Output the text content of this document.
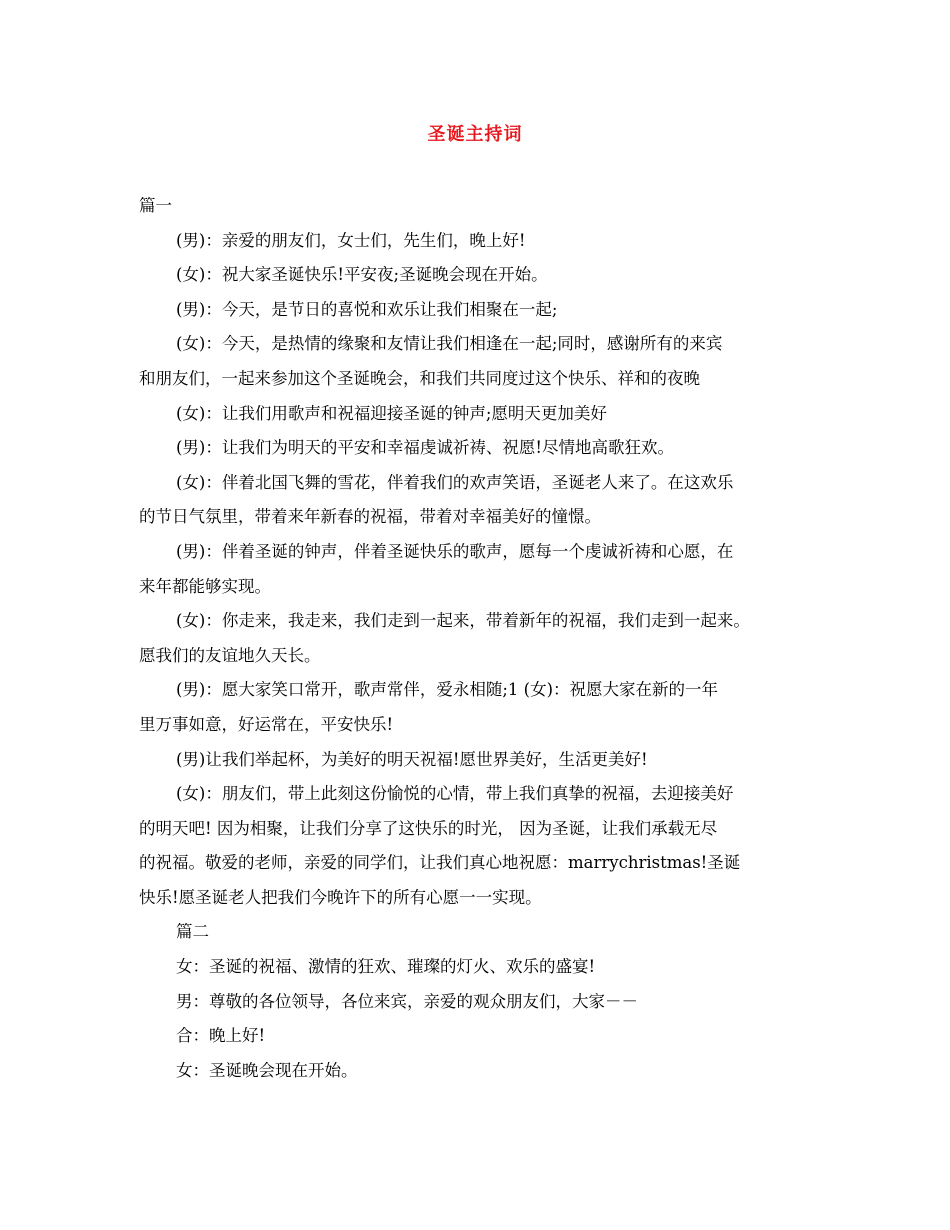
圣诞主持词
篇一
(男)：亲爱的朋友们，女士们，先生们，晚上好!
(女)：祝大家圣诞快乐!平安夜;圣诞晚会现在开始。
(男)：今天，是节日的喜悦和欢乐让我们相聚在一起;
(女)：今天，是热情的缘聚和友情让我们相逢在一起;同时，感谢所有的来宾
和朋友们，一起来参加这个圣诞晚会，和我们共同度过这个快乐、祥和的夜晚
(女)：让我们用歌声和祝福迎接圣诞的钟声;愿明天更加美好
(男)：让我们为明天的平安和幸福虔诚祈祷、祝愿!尽情地高歌狂欢。
(女)：伴着北国飞舞的雪花，伴着我们的欢声笑语，圣诞老人来了。在这欢乐
的节日气氛里，带着来年新春的祝福，带着对幸福美好的憧憬。
(男)：伴着圣诞的钟声，伴着圣诞快乐的歌声，愿每一个虔诚祈祷和心愿，在
来年都能够实现。
(女)：你走来，我走来，我们走到一起来，带着新年的祝福，我们走到一起来。
愿我们的友谊地久天长。
(男)：愿大家笑口常开，歌声常伴，爱永相随;1 (女)：祝愿大家在新的一年
里万事如意，好运常在，平安快乐!
(男)让我们举起杯，为美好的明天祝福!愿世界美好，生活更美好!
(女)：朋友们，带上此刻这份愉悦的心情，带上我们真挚的祝福，去迎接美好
的明天吧! 因为相聚，让我们分享了这快乐的时光， 因为圣诞，让我们承载无尽
的祝福。敬爱的老师，亲爱的同学们，让我们真心地祝愿：marrychristmas!圣诞
快乐!愿圣诞老人把我们今晚许下的所有心愿一一实现。
篇二
女：圣诞的祝福、激情的狂欢、璀璨的灯火、欢乐的盛宴!
男：尊敬的各位领导，各位来宾，亲爱的观众朋友们，大家－－
合：晚上好!
女：圣诞晚会现在开始。
